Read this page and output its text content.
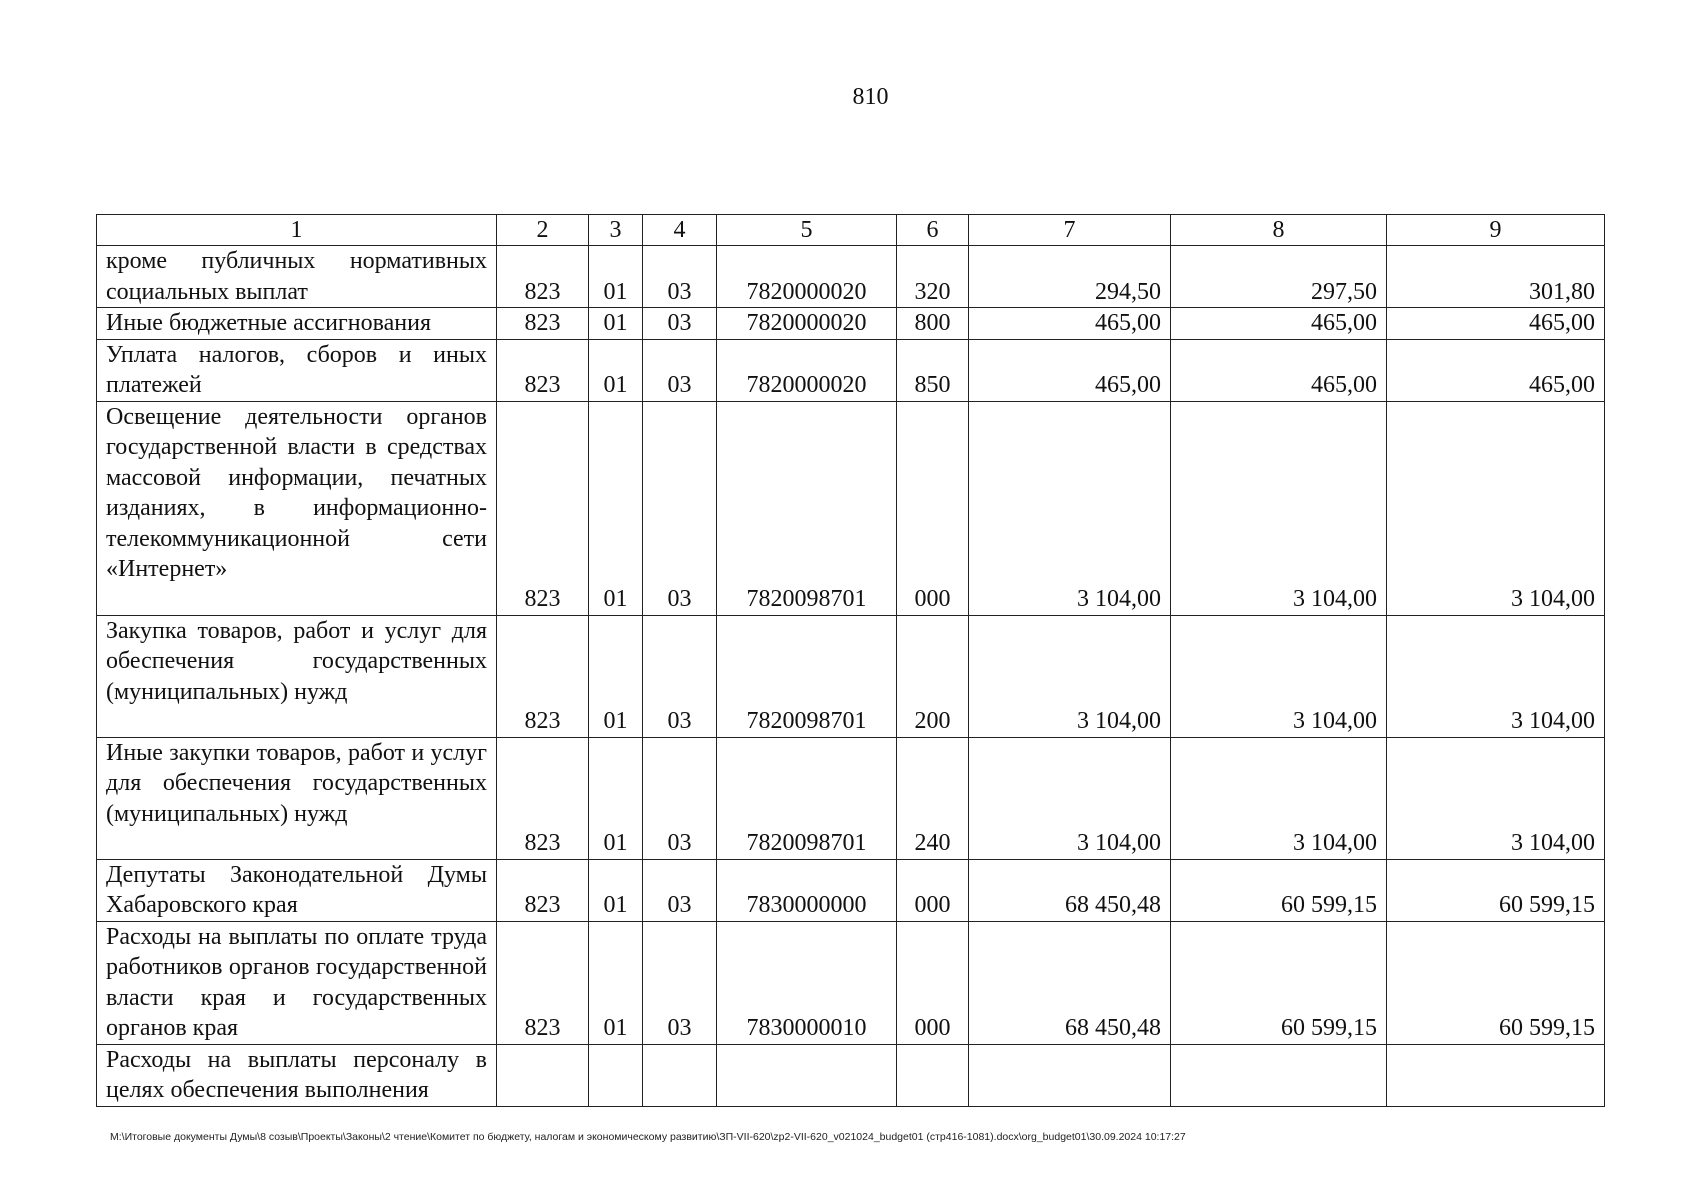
810
1	2	3	4	5	6	7	8	9
кроме публичных нормативных социальных выплат	823	01	03	7820000020	320	294,50	297,50	301,80
Иные бюджетные ассигнования	823	01	03	7820000020	800	465,00	465,00	465,00
Уплата налогов, сборов и иных платежей	823	01	03	7820000020	850	465,00	465,00	465,00
Освещение деятельности органов государственной власти в средствах массовой информации, печатных изданиях, в информационно-телекоммуникационной сети «Интернет»	823	01	03	7820098701	000	3 104,00	3 104,00	3 104,00
Закупка товаров, работ и услуг для обеспечения государственных (муниципальных) нужд	823	01	03	7820098701	200	3 104,00	3 104,00	3 104,00
Иные закупки товаров, работ и услуг для обеспечения государственных (муниципальных) нужд	823	01	03	7820098701	240	3 104,00	3 104,00	3 104,00
Депутаты Законодательной Думы Хабаровского края	823	01	03	7830000000	000	68 450,48	60 599,15	60 599,15
Расходы на выплаты по оплате труда работников органов государственной власти края и государственных органов края	823	01	03	7830000010	000	68 450,48	60 599,15	60 599,15
Расходы на выплаты персоналу в целях обеспечения выполнения								
M:\Итоговые документы Думы\8 созыв\Проекты\Законы\2 чтение\Комитет по бюджету, налогам и экономическому развитию\ЗП-VII-620\zp2-VII-620_v021024_budget01 (стр416-1081).docx\org_budget01\30.09.2024 10:17:27
